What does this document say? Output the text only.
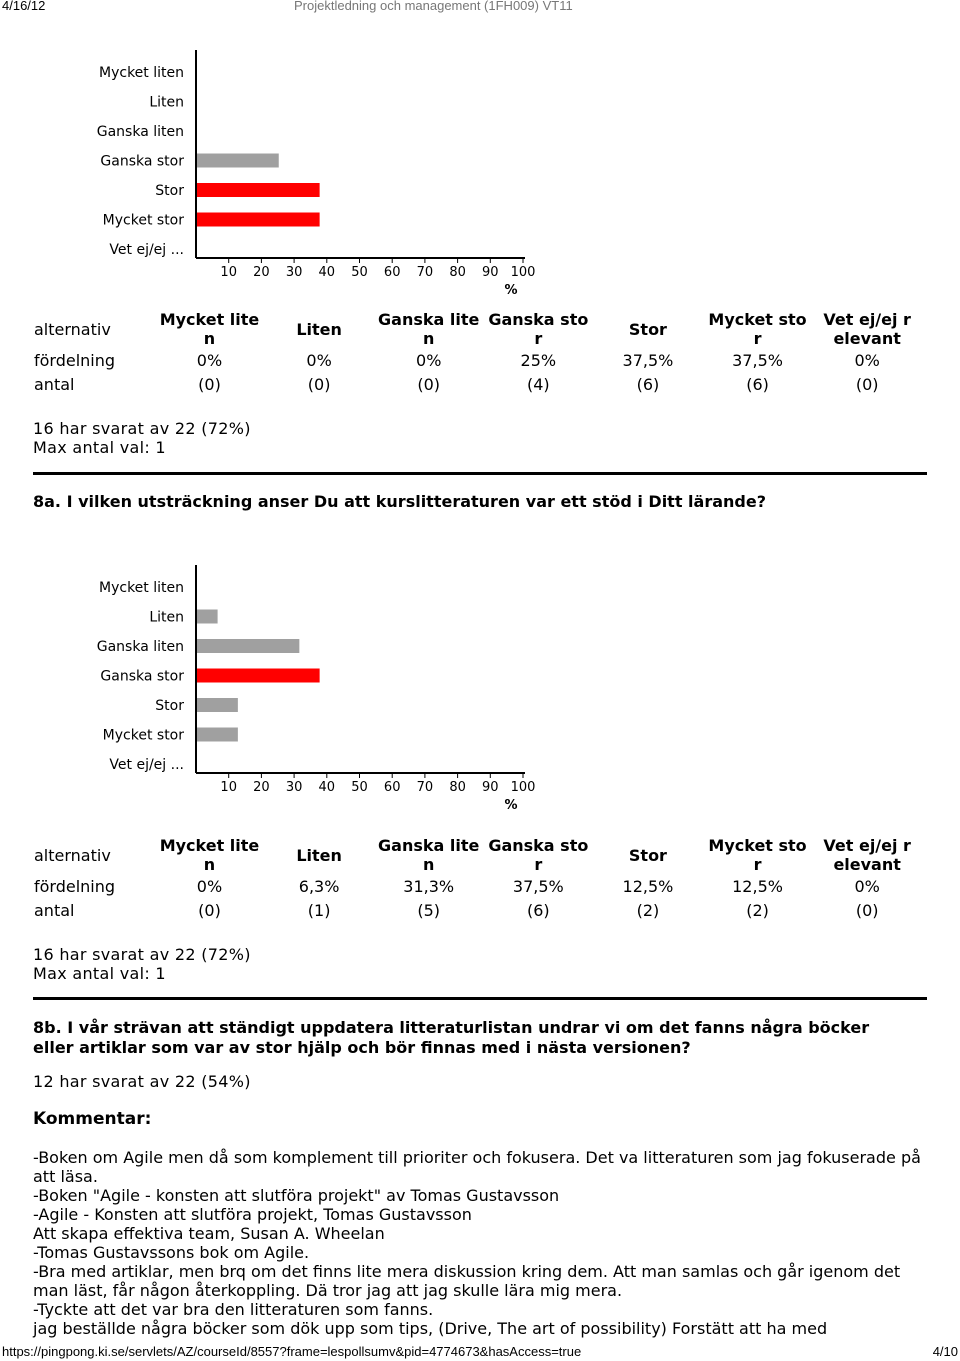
4/16/12	Projektledning och management (1FH009) VT11
Mycket liten
Liten
Ganska liten
Ganska stor
Stor
Mycket stor
Vet ej/ej ...
10 20 30 40 50 60 70 80 90 100
%
alternativ	Mycket lite n	Liten	Ganska lite n	Ganska sto r	Stor	Mycket sto r	Vet ej/ej r elevant
fördelning	0%	0%	0%	25%	37,5%	37,5%	0%
antal	(0)	(0)	(0)	(4)	(6)	(6)	(0)
16 har svarat av 22 (72%)
Max antal val: 1
8a. I vilken utsträckning anser Du att kurslitteraturen var ett stöd i Ditt lärande?
Mycket liten
Liten
Ganska liten
Ganska stor
Stor
Mycket stor
Vet ej/ej ...
10 20 30 40 50 60 70 80 90 100
%
alternativ	Mycket lite n	Liten	Ganska lite n	Ganska sto r	Stor	Mycket sto r	Vet ej/ej r elevant
fördelning	0%	6,3%	31,3%	37,5%	12,5%	12,5%	0%
antal	(0)	(1)	(5)	(6)	(2)	(2)	(0)
16 har svarat av 22 (72%)
Max antal val: 1
8b. I vår strävan att ständigt uppdatera litteraturlistan undrar vi om det fanns några böcker eller artiklar som var av stor hjälp och bör finnas med i nästa versionen?
12 har svarat av 22 (54%)
Kommentar:
-Boken om Agile men då som komplement till prioriter och fokusera. Det va litteraturen som jag fokuserade på att läsa.
-Boken "Agile - konsten att slutföra projekt" av Tomas Gustavsson
-Agile - Konsten att slutföra projekt, Tomas Gustavsson
Att skapa effektiva team, Susan A. Wheelan
-Tomas Gustavssons bok om Agile.
-Bra med artiklar, men brq om det finns lite mera diskussion kring dem. Att man samlas och går igenom det man läst, får någon återkoppling. Dä tror jag att jag skulle lära mig mera.
-Tyckte att det var bra den litteraturen som fanns.
jag beställde några böcker som dök upp som tips, (Drive, The art of possibility) Forstätt att ha med
https://pingpong.ki.se/servlets/AZ/courseId/8557?frame=lespollsumv&pid=4774673&hasAccess=true	4/10
